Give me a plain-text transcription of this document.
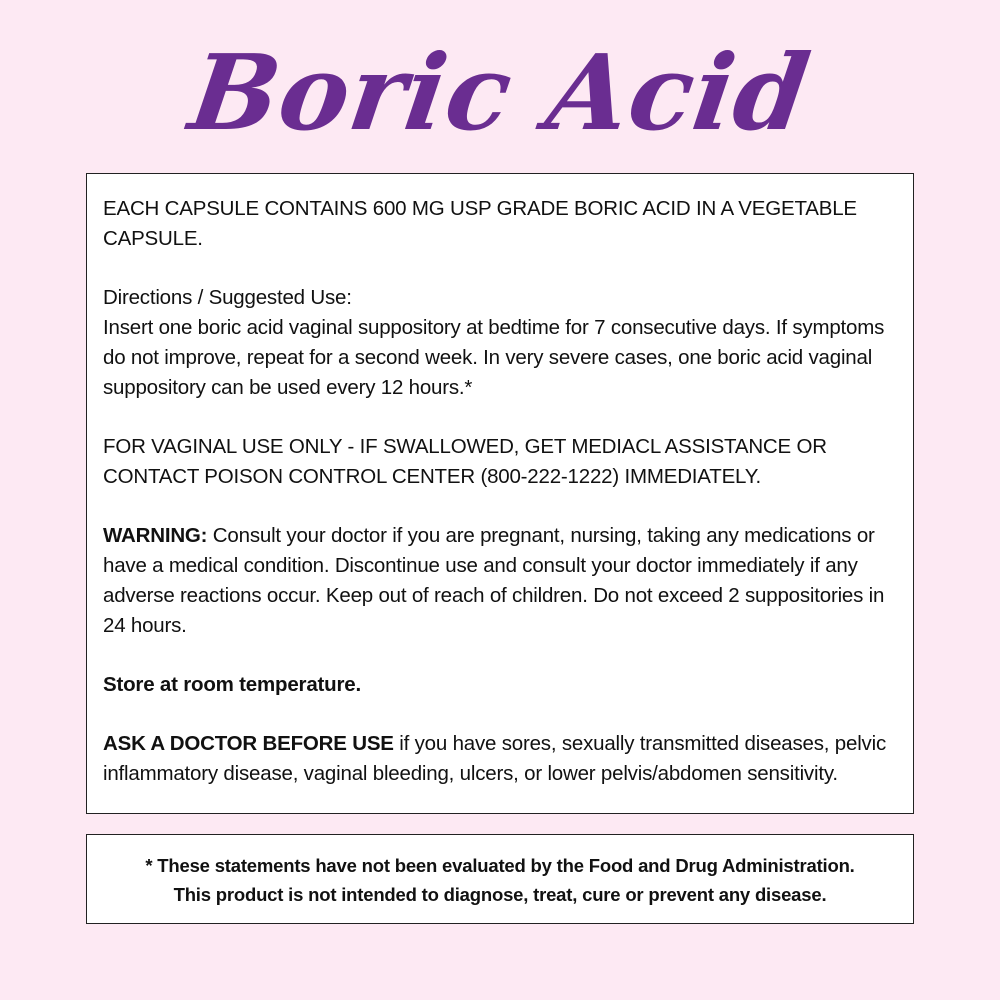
Boric Acid

EACH CAPSULE CONTAINS 600 MG USP GRADE BORIC ACID IN A VEGETABLE CAPSULE.

Directions / Suggested Use:
Insert one boric acid vaginal suppository at bedtime for 7 consecutive days. If symptoms do not improve, repeat for a second week. In very severe cases, one boric acid vaginal suppository can be used every 12 hours.*

FOR VAGINAL USE ONLY - IF SWALLOWED, GET MEDIACL ASSISTANCE OR CONTACT POISON CONTROL CENTER (800-222-1222) IMMEDIATELY.

WARNING: Consult your doctor if you are pregnant, nursing, taking any medications or have a medical condition. Discontinue use and consult your doctor immediately if any adverse reactions occur. Keep out of reach of children. Do not exceed 2 suppositories in 24 hours.

Store at room temperature.

ASK A DOCTOR BEFORE USE if you have sores, sexually transmitted diseases, pelvic inflammatory disease, vaginal bleeding, ulcers, or lower pelvis/abdomen sensitivity.

* These statements have not been evaluated by the Food and Drug Administration.
This product is not intended to diagnose, treat, cure or prevent any disease.
